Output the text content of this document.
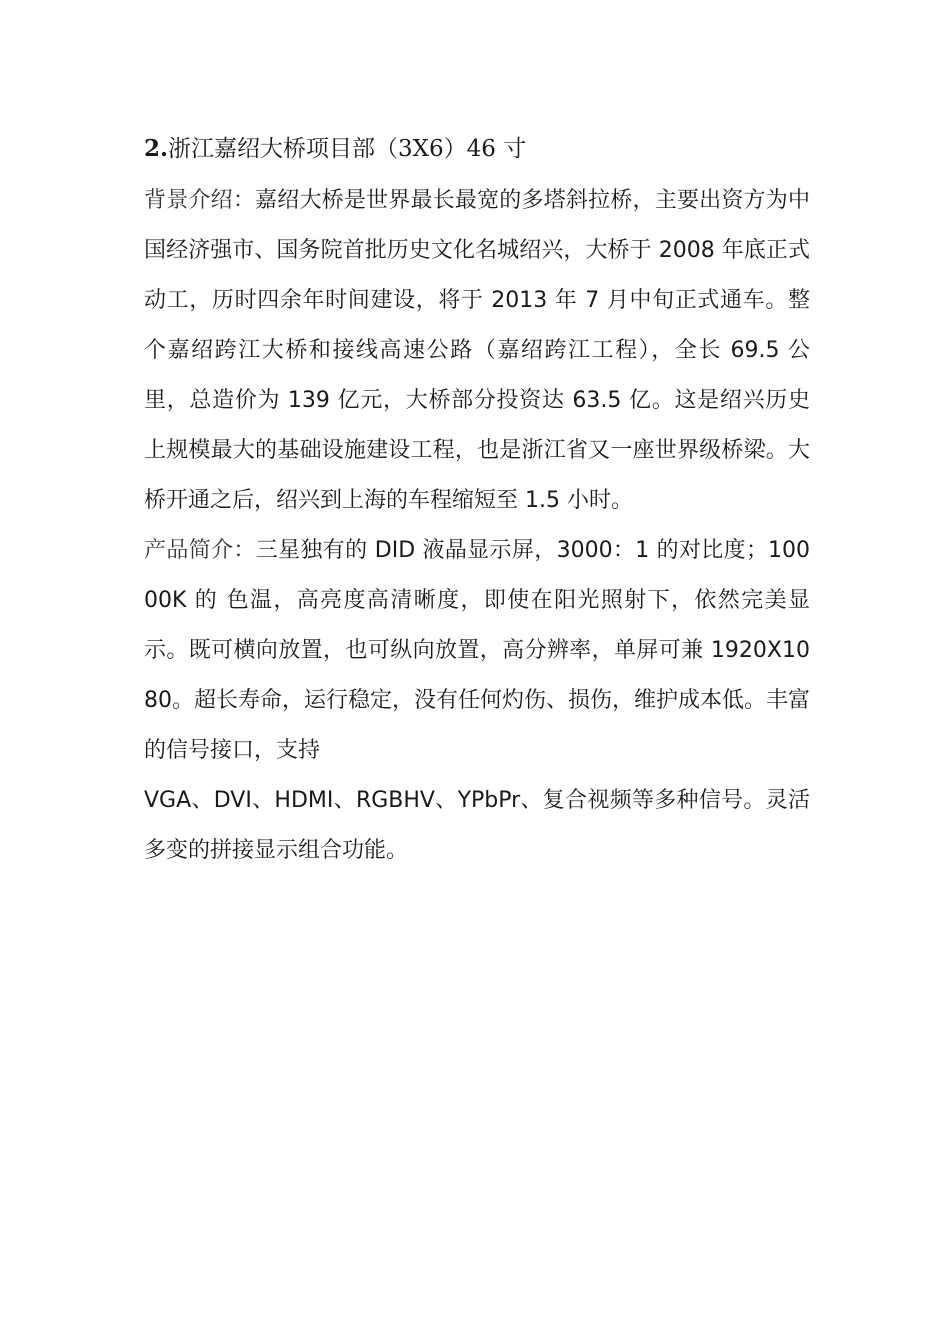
2.浙江嘉绍大桥项目部（3X6）46 寸

背景介绍：嘉绍大桥是世界最长最宽的多塔斜拉桥，主要出资方为中国经济强市、国务院首批历史文化名城绍兴，大桥于 2008 年底正式动工，历时四余年时间建设，将于 2013 年 7 月中旬正式通车。整个嘉绍跨江大桥和接线高速公路（嘉绍跨江工程），全长 69.5 公里，总造价为 139 亿元，大桥部分投资达 63.5 亿。这是绍兴历史上规模最大的基础设施建设工程，也是浙江省又一座世界级桥梁。大桥开通之后，绍兴到上海的车程缩短至 1.5 小时。

产品简介：三星独有的 DID 液晶显示屏，3000：1 的对比度；10000K 的 色温，高亮度高清晰度，即使在阳光照射下，依然完美显示。既可横向放置，也可纵向放置，高分辨率，单屏可兼 1920X1080。超长寿命，运行稳定，没有任何灼伤、损伤，维护成本低。丰富的信号接口，支持

VGA、DVI、HDMI、RGBHV、YPbPr、复合视频等多种信号。灵活多变的拼接显示组合功能。
